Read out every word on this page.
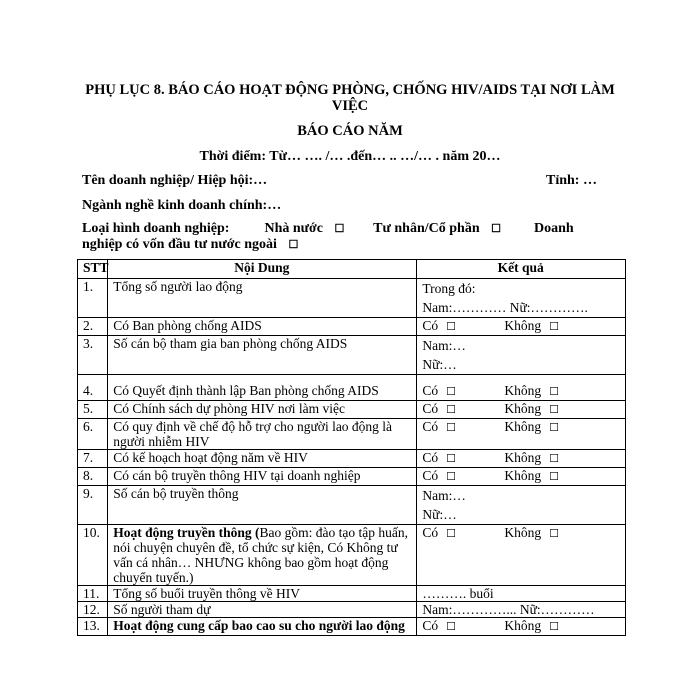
PHỤ LỤC 8. BÁO CÁO HOẠT ĐỘNG PHÒNG, CHỐNG HIV/AIDS TẠI NƠI LÀM VIỆC
BÁO CÁO NĂM
Thời điểm: Từ… …. /… .đến… .. …/… . năm 20…
Tên doanh nghiệp/ Hiệp hội:…	Tỉnh: …
Ngành nghề kinh doanh chính:…
Loại hình doanh nghiệp:	Nhà nước ☐ Tư nhân/Cổ phần ☐ Doanh nghiệp có vốn đầu tư nước ngoài ☐
STT	Nội Dung	Kết quả
1.	Tổng số người lao động	Trong đó:
Nam:………… Nữ:………….

2.	Có Ban phòng chống AIDS	Có ☐ Không ☐
3.	Số cán bộ tham gia ban phòng chống AIDS	Nam:…
Nữ:…

4.	Có Quyết định thành lập Ban phòng chống AIDS	Có ☐ Không ☐
5.	Có Chính sách dự phòng HIV nơi làm việc	Có ☐ Không ☐
6.	Có quy định về chế độ hỗ trợ cho người lao động là người nhiễm HIV	Có ☐ Không ☐
7.	Có kế hoạch hoạt động năm về HIV	Có ☐ Không ☐
8.	Có cán bộ truyền thông HIV tại doanh nghiệp	Có ☐ Không ☐
9.	Số cán bộ truyền thông	Nam:…
Nữ:…

10.	Hoạt động truyền thông (Bao gồm: đào tạo tập huấn, nói chuyện chuyên đề, tổ chức sự kiện, Có Không tư vấn cá nhân… NHƯNG không bao gồm hoạt động chuyển tuyến.)	Có ☐ Không ☐
11.	Tổng số buổi truyền thông về HIV	………. buổi
12.	Số người tham dự	Nam:…………... Nữ:…………
13.	Hoạt động cung cấp bao cao su cho người lao động	Có ☐ Không ☐
